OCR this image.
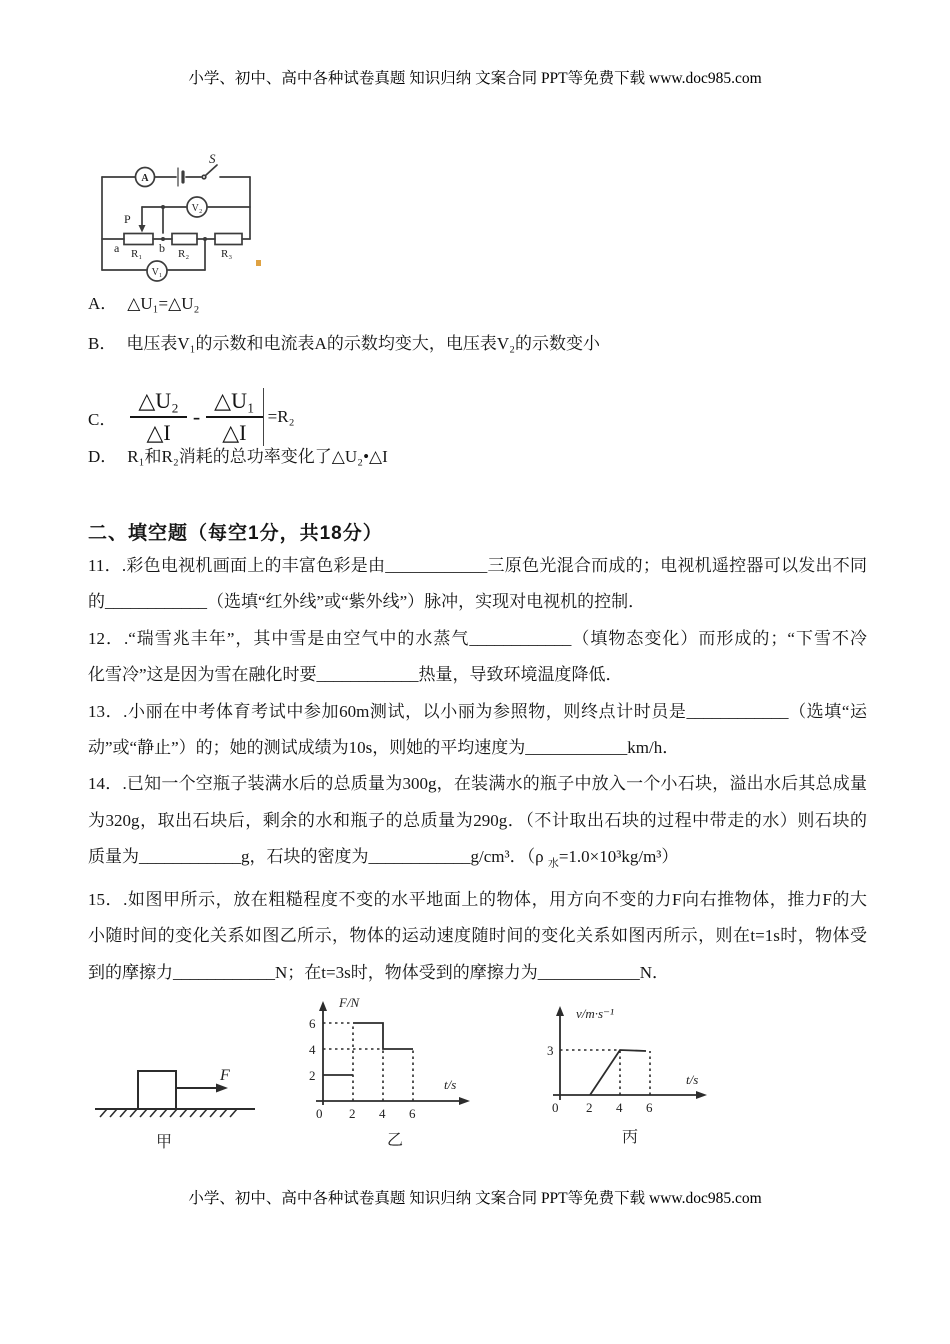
小学、初中、高中各种试卷真题 知识归纳 文案合同 PPT等免费下载 www.doc985.com
A
V₂
V₁
S
P
a	b
R₁	R₂	R₃
A． △U₁=△U₂
B． 电压表V₁的示数和电流表A的示数均变大，电压表V₂的示数变小
C． $\frac{\text{△U₂}}{\triangle I} - \frac{\text{△U₁}}{\triangle I} =R_2$
D． R₁和R₂消耗的总功率变化了△U₂•△I
二、填空题（每空1分，共18分）
11．.彩色电视机画面上的丰富色彩是由____________三原色光混合而成的；电视机遥控器可以发出不同
的____________（选填“红外线”或“紫外线”）脉冲，实现对电视机的控制．
12．.“瑞雪兆丰年”，其中雪是由空气中的水蒸气____________（填物态变化）而形成的；“下雪不冷
化雪冷”这是因为雪在融化时要____________热量，导致环境温度降低．
13．.小丽在中考体育考试中参加60m测试，以小丽为参照物，则终点计时员是____________（选填“运
动”或“静止”）的；她的测试成绩为10s，则她的平均速度为____________km/h．
14．.已知一个空瓶子装满水后的总质量为300g，在装满水的瓶子中放入一个小石块，溢出水后其总成量
为320g，取出石块后，剩余的水和瓶子的总质量为290g．（不计取出石块的过程中带走的水）则石块的
质量为____________g，石块的密度为____________g/cm³．（ρ $_水$=1.0×10³kg/m³）
15．.如图甲所示，放在粗糙程度不变的水平地面上的物体，用方向不变的力F向右推物体，推力F的大
小随时间的变化关系如图乙所示，物体的运动速度随时间的变化关系如图丙所示，则在t=1s时，物体受
到的摩擦力____________N；在t=3s时，物体受到的摩擦力为____________N．
F
甲
F/N
t/s
6
4
2
0 2 4 6
乙
v/m·s⁻¹
t/s
3
0 2 4 6
丙
小学、初中、高中各种试卷真题 知识归纳 文案合同 PPT等免费下载 www.doc985.com
